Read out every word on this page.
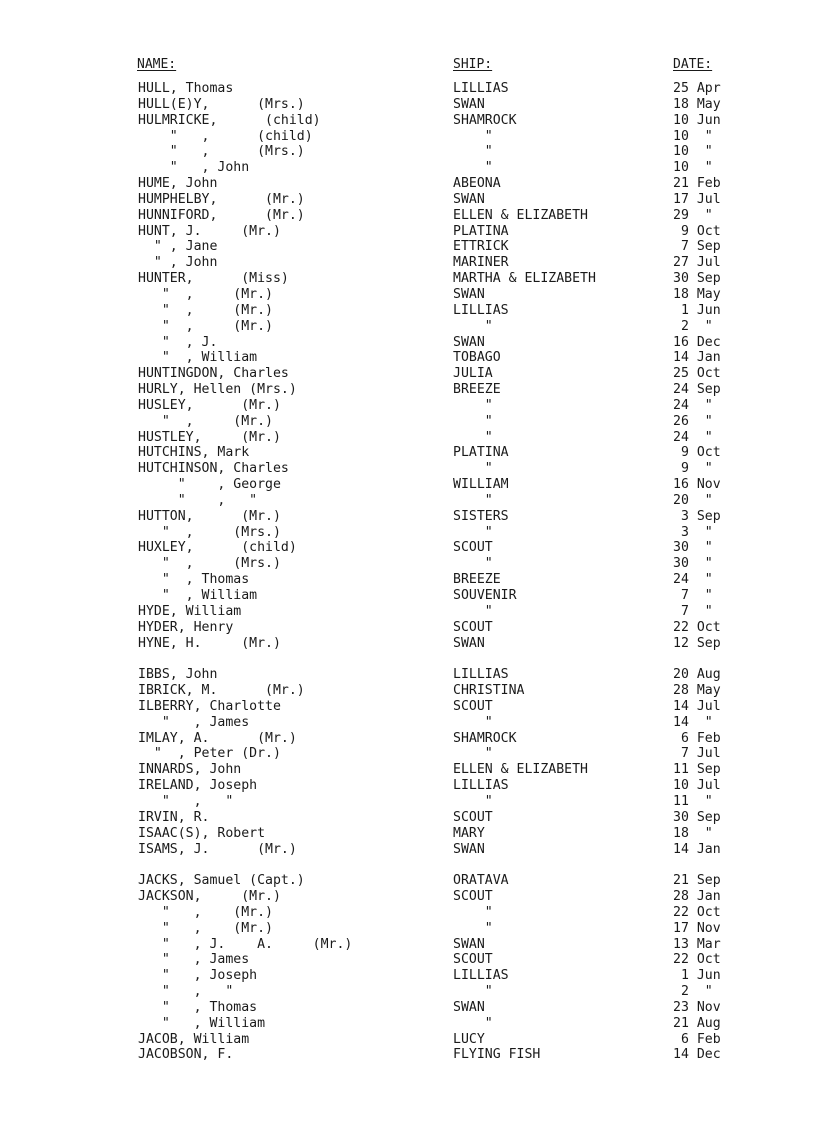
NAME:	SHIP:	DATE:
HULL, Thomas	LILLIAS	25 Apr
HULL(E)Y,      (Mrs.)	SWAN	18 May
HULMRICKE,      (child)	SHAMROCK	10 Jun
"   ,      (child)	"	10  "
"   ,      (Mrs.)	"	10  "
"   , John	"	10  "
HUME, John	ABEONA	21 Feb
HUMPHELBY,      (Mr.)	SWAN	17 Jul
HUNNIFORD,      (Mr.)	ELLEN & ELIZABETH	29  "
HUNT, J.     (Mr.)	PLATINA	9 Oct
" , Jane	ETTRICK	7 Sep
" , John	MARINER	27 Jul
HUNTER,      (Miss)	MARTHA & ELIZABETH	30 Sep
"  ,     (Mr.)	SWAN	18 May
"  ,     (Mr.)	LILLIAS	1 Jun
"  ,     (Mr.)	"	2  "
"  , J.	SWAN	16 Dec
"  , William	TOBAGO	14 Jan
HUNTINGDON, Charles	JULIA	25 Oct
HURLY, Hellen (Mrs.)	BREEZE	24 Sep
HUSLEY,      (Mr.)	"	24  "
"  ,     (Mr.)	"	26  "
HUSTLEY,     (Mr.)	"	24  "
HUTCHINS, Mark	PLATINA	9 Oct
HUTCHINSON, Charles	"	9  "
"    , George	WILLIAM	16 Nov
"    ,   "	"	20  "
HUTTON,      (Mr.)	SISTERS	3 Sep
"  ,     (Mrs.)	"	3  "
HUXLEY,      (child)	SCOUT	30  "
"  ,     (Mrs.)	"	30  "
"  , Thomas	BREEZE	24  "
"  , William	SOUVENIR	7  "
HYDE, William	"	7  "
HYDER, Henry	SCOUT	22 Oct
HYNE, H.     (Mr.)	SWAN	12 Sep
IBBS, John	LILLIAS	20 Aug
IBRICK, M.      (Mr.)	CHRISTINA	28 May
ILBERRY, Charlotte	SCOUT	14 Jul
"   , James	"	14  "
IMLAY, A.      (Mr.)	SHAMROCK	6 Feb
"  , Peter (Dr.)	"	7 Jul
INNARDS, John	ELLEN & ELIZABETH	11 Sep
IRELAND, Joseph	LILLIAS	10 Jul
"   ,   "	"	11  "
IRVIN, R.	SCOUT	30 Sep
ISAAC(S), Robert	MARY	18  "
ISAMS, J.      (Mr.)	SWAN	14 Jan
JACKS, Samuel (Capt.)	ORATAVA	21 Sep
JACKSON,     (Mr.)	SCOUT	28 Jan
"   ,    (Mr.)	"	22 Oct
"   ,    (Mr.)	"	17 Nov
"   , J.    A.     (Mr.)	SWAN	13 Mar
"   , James	SCOUT	22 Oct
"   , Joseph	LILLIAS	1 Jun
"   ,   "	"	2  "
"   , Thomas	SWAN	23 Nov
"   , William	"	21 Aug
JACOB, William	LUCY	6 Feb
JACOBSON, F.	FLYING FISH	14 Dec
